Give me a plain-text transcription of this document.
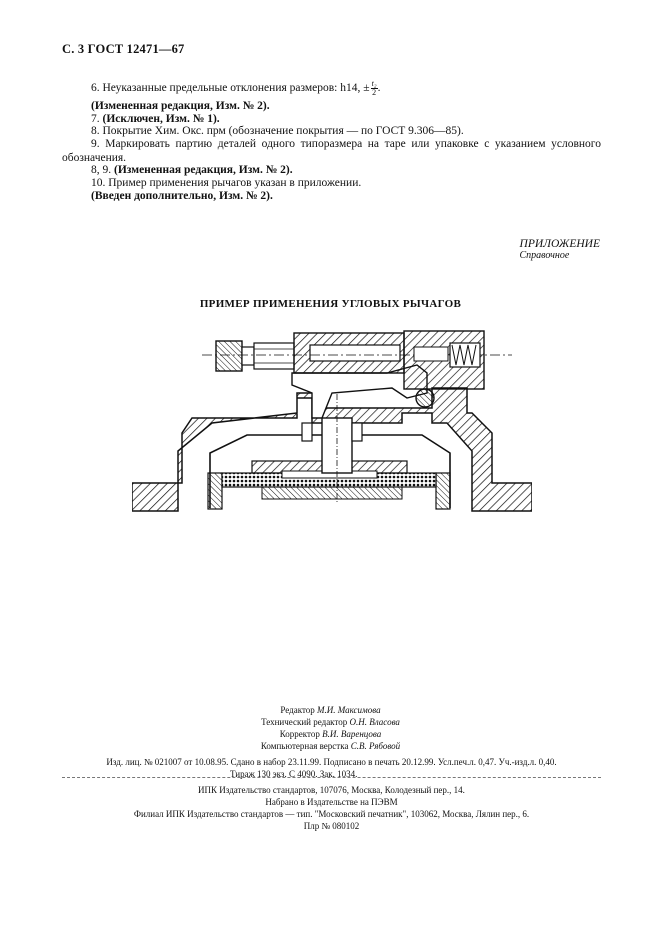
С. 3 ГОСТ 12471—67
6. Неуказанные предельные отклонения размеров: h14, ± $\frac{\text{t₂}}{2}$ .
(Измененная редакция, Изм. № 2).
7. (Исключен, Изм. № 1).
8. Покрытие Хим. Окс. прм (обозначение покрытия — по ГОСТ 9.306—85).
9. Маркировать партию деталей одного типоразмера на таре или упаковке с указанием условного обозначения.
8, 9. (Измененная редакция, Изм. № 2).
10. Пример применения рычагов указан в приложении.
(Введен дополнительно, Изм. № 2).
ПРИЛОЖЕНИЕ
Справочное
ПРИМЕР ПРИМЕНЕНИЯ УГЛОВЫХ РЫЧАГОВ
Редактор М.И. Максимова
Технический редактор О.Н. Власова
Корректор В.И. Варенцова
Компьютерная верстка С.В. Рябовой
Изд. лиц. № 021007 от 10.08.95. Сдано в набор 23.11.99. Подписано в печать 20.12.99. Усл.печ.л. 0,47. Уч.-изд.л. 0,40.
Тираж 130 экз. С 4090. Зак. 1034.
ИПК Издательство стандартов, 107076, Москва, Колодезный пер., 14.
Набрано в Издательстве на ПЭВМ
Филиал ИПК Издательство стандартов — тип. "Московский печатник", 103062, Москва, Лялин пер., 6.
Плр № 080102
